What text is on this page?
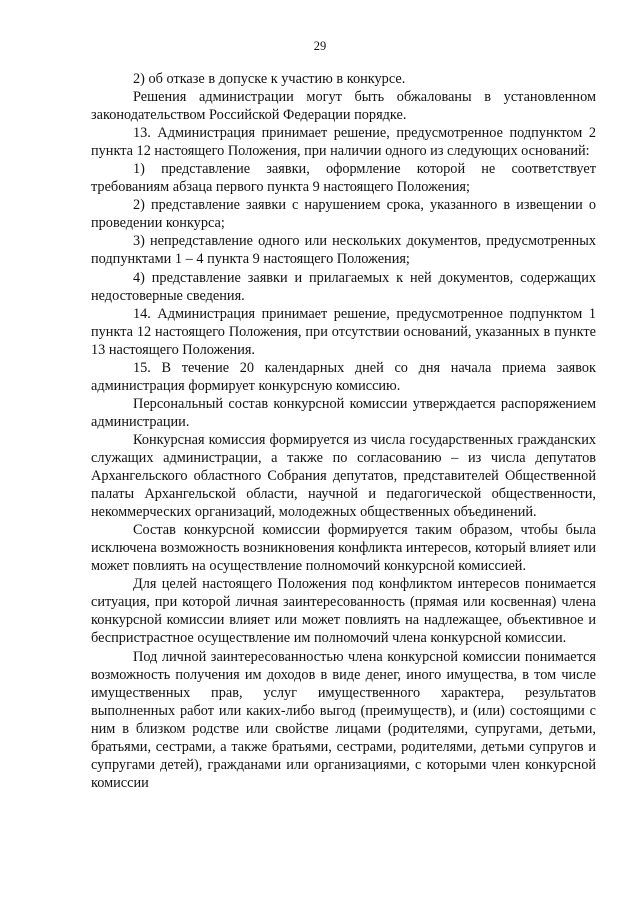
29

2) об отказе в допуске к участию в конкурсе.

Решения администрации могут быть обжалованы в установленном законодательством Российской Федерации порядке.

13. Администрация принимает решение, предусмотренное подпунктом 2 пункта 12 настоящего Положения, при наличии одного из следующих оснований:

1) представление заявки, оформление которой не соответствует требованиям абзаца первого пункта 9 настоящего Положения;

2) представление заявки с нарушением срока, указанного в извещении о проведении конкурса;

3) непредставление одного или нескольких документов, предусмотренных подпунктами 1 – 4 пункта 9 настоящего Положения;

4) представление заявки и прилагаемых к ней документов, содержащих недостоверные сведения.

14. Администрация принимает решение, предусмотренное подпунктом 1 пункта 12 настоящего Положения, при отсутствии оснований, указанных в пункте 13 настоящего Положения.

15. В течение 20 календарных дней со дня начала приема заявок администрация формирует конкурсную комиссию.

Персональный состав конкурсной комиссии утверждается распоряжением администрации.

Конкурсная комиссия формируется из числа государственных гражданских служащих администрации, а также по согласованию – из числа депутатов Архангельского областного Собрания депутатов, представителей Общественной палаты Архангельской области, научной и педагогической общественности, некоммерческих организаций, молодежных общественных объединений.

Состав конкурсной комиссии формируется таким образом, чтобы была исключена возможность возникновения конфликта интересов, который влияет или может повлиять на осуществление полномочий конкурсной комиссией.

Для целей настоящего Положения под конфликтом интересов понимается ситуация, при которой личная заинтересованность (прямая или косвенная) члена конкурсной комиссии влияет или может повлиять на надлежащее, объективное и беспристрастное осуществление им полномочий члена конкурсной комиссии.

Под личной заинтересованностью члена конкурсной комиссии понимается возможность получения им доходов в виде денег, иного имущества, в том числе имущественных прав, услуг имущественного характера, результатов выполненных работ или каких-либо выгод (преимуществ), и (или) состоящими с ним в близком родстве или свойстве лицами (родителями, супругами, детьми, братьями, сестрами, а также братьями, сестрами, родителями, детьми супругов и супругами детей), гражданами или организациями, с которыми член конкурсной комиссии
